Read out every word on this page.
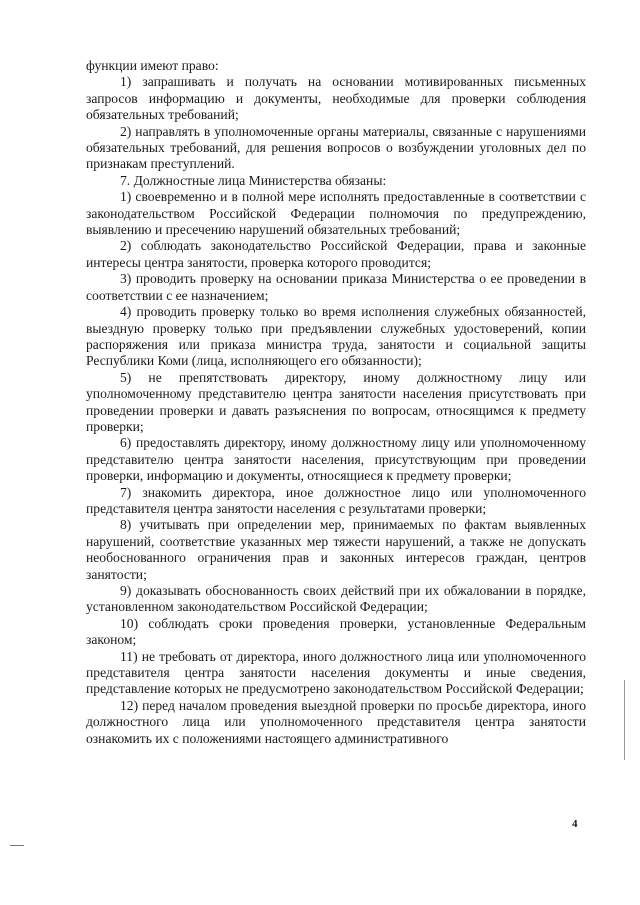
функции имеют право:

1) запрашивать и получать на основании мотивированных письменных запросов информацию и документы, необходимые для проверки соблюдения обязательных требований;

2) направлять в уполномоченные органы материалы, связанные с нарушениями обязательных требований, для решения вопросов о возбуждении уголовных дел по признакам преступлений.

7. Должностные лица Министерства обязаны:

1) своевременно и в полной мере исполнять предоставленные в соответствии с законодательством Российской Федерации полномочия по предупреждению, выявлению и пресечению нарушений обязательных требований;

2) соблюдать законодательство Российской Федерации, права и законные интересы центра занятости, проверка которого проводится;

3) проводить проверку на основании приказа Министерства о ее проведении в соответствии с ее назначением;

4) проводить проверку только во время исполнения служебных обязанностей, выездную проверку только при предъявлении служебных удостоверений, копии распоряжения или приказа министра труда, занятости и социальной защиты Республики Коми (лица, исполняющего его обязанности);

5) не препятствовать директору, иному должностному лицу или уполномоченному представителю центра занятости населения присутствовать при проведении проверки и давать разъяснения по вопросам, относящимся к предмету проверки;

6) предоставлять директору, иному должностному лицу или уполномоченному представителю центра занятости населения, присутствующим при проведении проверки, информацию и документы, относящиеся к предмету проверки;

7) знакомить директора, иное должностное лицо или уполномоченного представителя центра занятости населения с результатами проверки;

8) учитывать при определении мер, принимаемых по фактам выявленных нарушений, соответствие указанных мер тяжести нарушений, а также не допускать необоснованного ограничения прав и законных интересов граждан, центров занятости;

9) доказывать обоснованность своих действий при их обжаловании в порядке, установленном законодательством Российской Федерации;

10) соблюдать сроки проведения проверки, установленные Федеральным законом;

11) не требовать от директора, иного должностного лица или уполномоченного представителя центра занятости населения документы и иные сведения, представление которых не предусмотрено законодательством Российской Федерации;

12) перед началом проведения выездной проверки по просьбе директора, иного должностного лица или уполномоченного представителя центра занятости ознакомить их с положениями настоящего административного

4
